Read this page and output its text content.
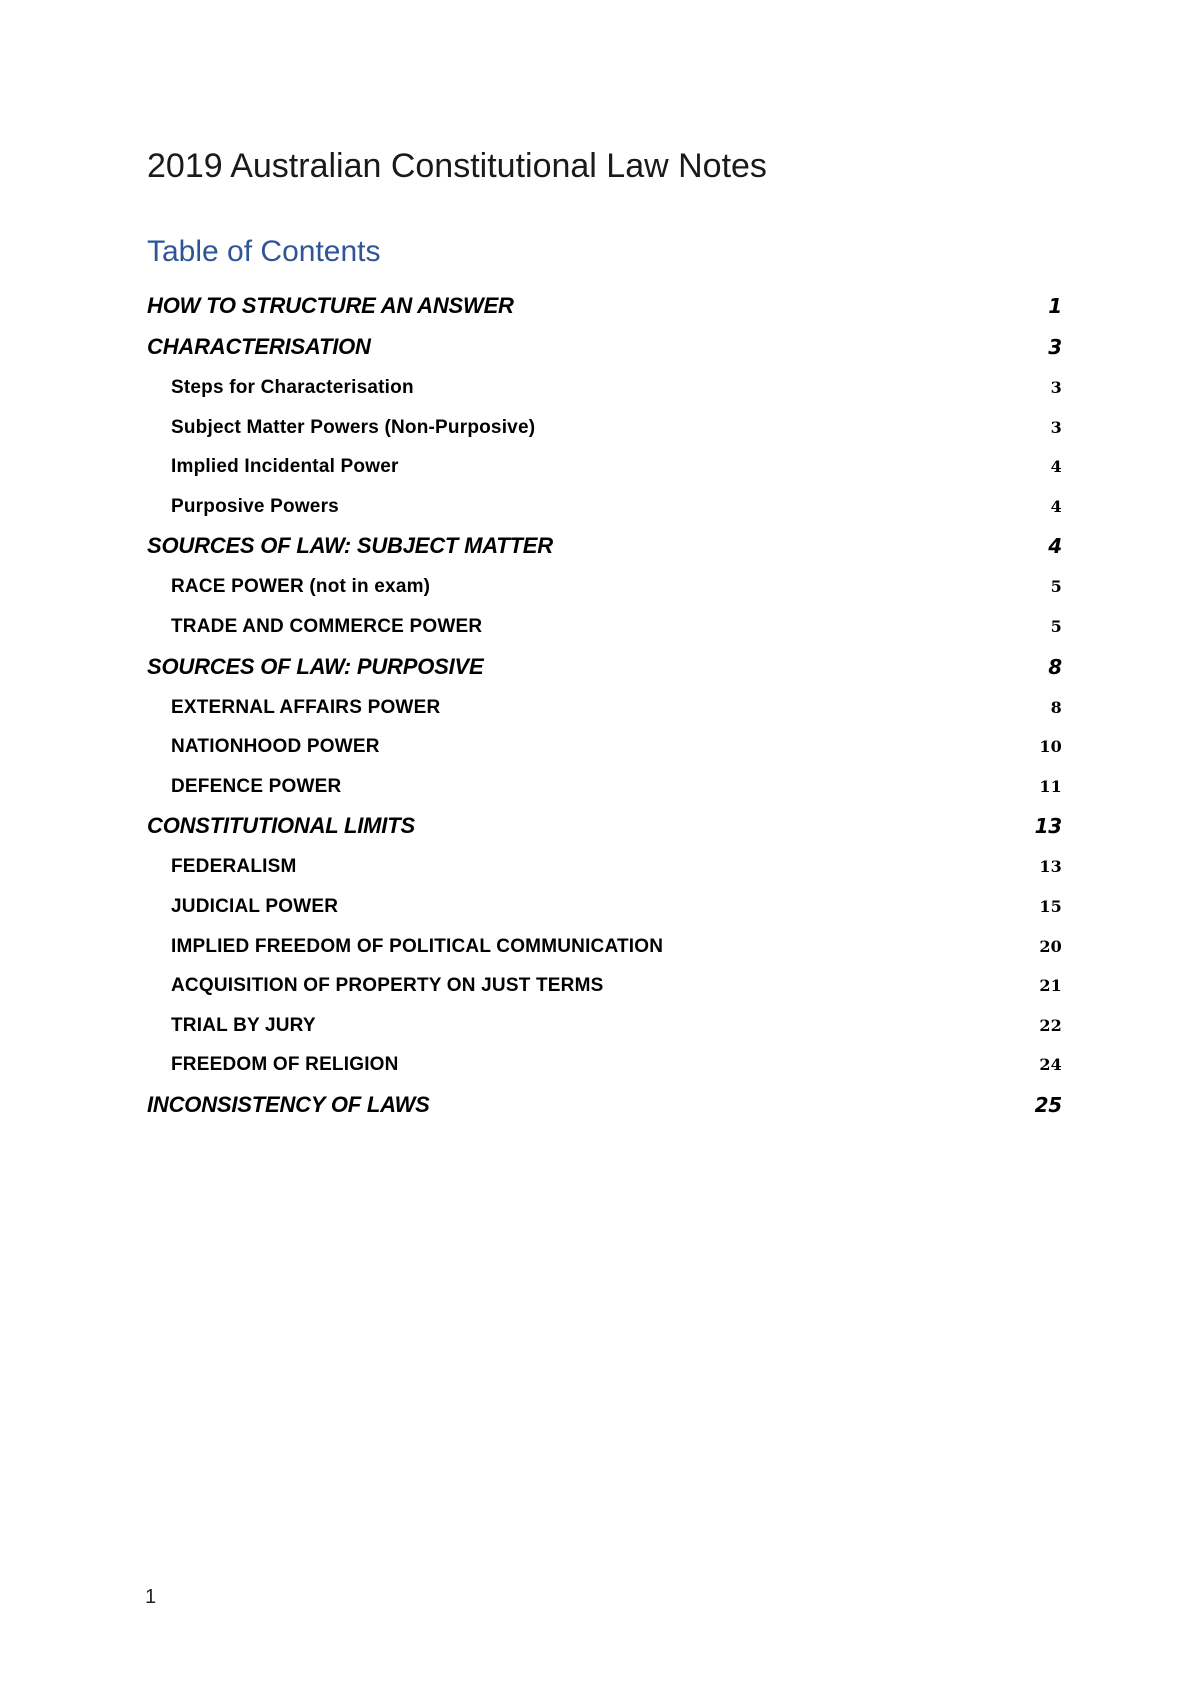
2019 Australian Constitutional Law Notes
Table of Contents
HOW TO STRUCTURE AN ANSWER	1
CHARACTERISATION	3
Steps for Characterisation	3
Subject Matter Powers (Non-Purposive)	3
Implied Incidental Power	4
Purposive Powers	4
SOURCES OF LAW: SUBJECT MATTER	4
RACE POWER (not in exam)	5
TRADE AND COMMERCE POWER	5
SOURCES OF LAW: PURPOSIVE	8
EXTERNAL AFFAIRS POWER	8
NATIONHOOD POWER	10
DEFENCE POWER	11
CONSTITUTIONAL LIMITS	13
FEDERALISM	13
JUDICIAL POWER	15
IMPLIED FREEDOM OF POLITICAL COMMUNICATION	20
ACQUISITION OF PROPERTY ON JUST TERMS	21
TRIAL BY JURY	22
FREEDOM OF RELIGION	24
INCONSISTENCY OF LAWS	25

1
